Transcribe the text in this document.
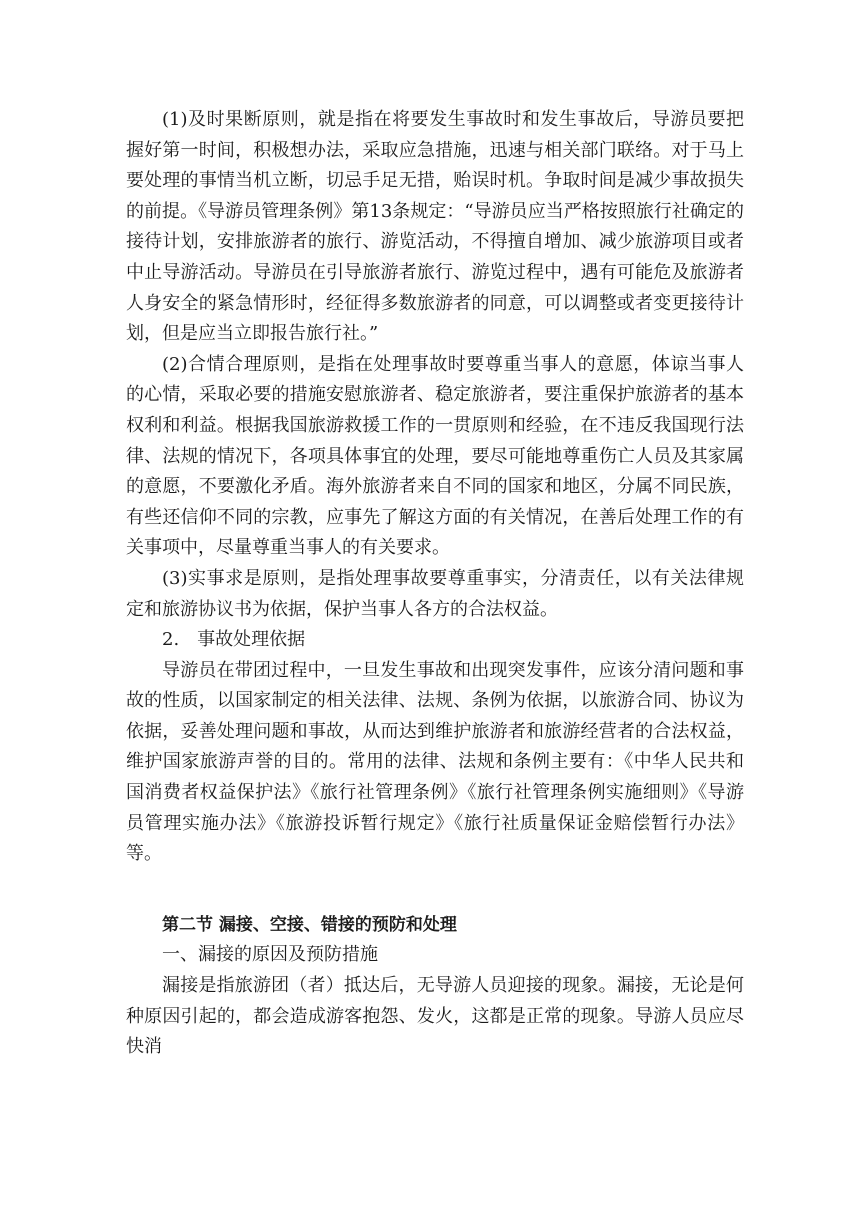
(1)及时果断原则，就是指在将要发生事故时和发生事故后，导游员要把握好第一时间，积极想办法，采取应急措施，迅速与相关部门联络。对于马上要处理的事情当机立断，切忌手足无措，贻误时机。争取时间是减少事故损失的前提。《导游员管理条例》第13条规定：“导游员应当严格按照旅行社确定的接待计划，安排旅游者的旅行、游览活动，不得擅自增加、减少旅游项目或者中止导游活动。导游员在引导旅游者旅行、游览过程中，遇有可能危及旅游者人身安全的紧急情形时，经征得多数旅游者的同意，可以调整或者变更接待计划，但是应当立即报告旅行社。”

(2)合情合理原则，是指在处理事故时要尊重当事人的意愿，体谅当事人的心情，采取必要的措施安慰旅游者、稳定旅游者，要注重保护旅游者的基本权利和利益。根据我国旅游救援工作的一贯原则和经验，在不违反我国现行法律、法规的情况下，各项具体事宜的处理，要尽可能地尊重伤亡人员及其家属的意愿，不要激化矛盾。海外旅游者来自不同的国家和地区，分属不同民族，有些还信仰不同的宗教，应事先了解这方面的有关情况，在善后处理工作的有关事项中，尽量尊重当事人的有关要求。

(3)实事求是原则，是指处理事故要尊重事实，分清责任，以有关法律规定和旅游协议书为依据，保护当事人各方的合法权益。

2.　事故处理依据

导游员在带团过程中，一旦发生事故和出现突发事件，应该分清问题和事故的性质，以国家制定的相关法律、法规、条例为依据，以旅游合同、协议为依据，妥善处理问题和事故，从而达到维护旅游者和旅游经营者的合法权益，维护国家旅游声誉的目的。常用的法律、法规和条例主要有：《中华人民共和国消费者权益保护法》《旅行社管理条例》《旅行社管理条例实施细则》《导游员管理实施办法》《旅游投诉暂行规定》《旅行社质量保证金赔偿暂行办法》等。

第二节 漏接、空接、错接的预防和处理

一、漏接的原因及预防措施

漏接是指旅游团（者）抵达后，无导游人员迎接的现象。漏接，无论是何种原因引起的，都会造成游客抱怨、发火，这都是正常的现象。导游人员应尽快消
